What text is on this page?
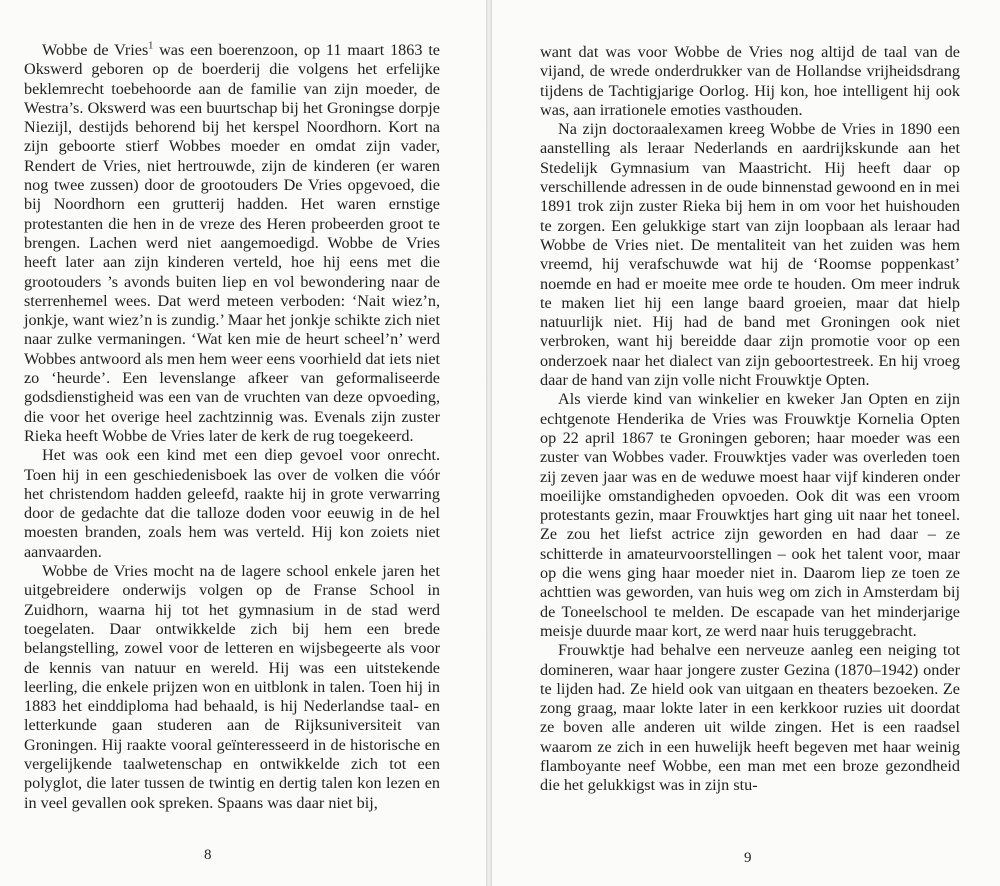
Wobbe de Vries$^1$ was een boerenzoon, op 11 maart 1863 te Okswerd geboren op de boerderij die volgens het erfelijke beklemrecht toebehoorde aan de familie van zijn moeder, de Westra’s. Okswerd was een buurtschap bij het Groningse dorpje Niezijl, destijds behorend bij het kerspel Noordhorn. Kort na zijn geboorte stierf Wobbes moeder en omdat zijn vader, Rendert de Vries, niet hertrouwde, zijn de kinderen (er waren nog twee zussen) door de grootouders De Vries opgevoed, die bij Noordhorn een grutterij hadden. Het waren ernstige protestanten die hen in de vreze des Heren probeerden groot te brengen. Lachen werd niet aangemoedigd. Wobbe de Vries heeft later aan zijn kinderen verteld, hoe hij eens met die grootouders ’s avonds buiten liep en vol bewondering naar de sterrenhemel wees. Dat werd meteen verboden: ‘Nait wiez’n, jonkje, want wiez’n is zundig.’ Maar het jonkje schikte zich niet naar zulke vermaningen. ‘Wat ken mie de heurt scheel’n’ werd Wobbes antwoord als men hem weer eens voorhield dat iets niet zo ‘heurde’. Een levenslange afkeer van geformaliseerde godsdienstigheid was een van de vruchten van deze opvoeding, die voor het overige heel zachtzinnig was. Evenals zijn zuster Rieka heeft Wobbe de Vries later de kerk de rug toegekeerd.

Het was ook een kind met een diep gevoel voor onrecht. Toen hij in een geschiedenisboek las over de volken die vóór het christendom hadden geleefd, raakte hij in grote verwarring door de gedachte dat die talloze doden voor eeuwig in de hel moesten branden, zoals hem was verteld. Hij kon zoiets niet aanvaarden.

Wobbe de Vries mocht na de lagere school enkele jaren het uitgebreidere onderwijs volgen op de Franse School in Zuidhorn, waarna hij tot het gymnasium in de stad werd toegelaten. Daar ontwikkelde zich bij hem een brede belangstelling, zowel voor de letteren en wijsbegeerte als voor de kennis van natuur en wereld. Hij was een uitstekende leerling, die enkele prijzen won en uitblonk in talen. Toen hij in 1883 het einddiploma had behaald, is hij Nederlandse taal- en letterkunde gaan studeren aan de Rijksuniversiteit van Groningen. Hij raakte vooral geïnteresseerd in de historische en vergelijkende taalwetenschap en ontwikkelde zich tot een polyglot, die later tussen de twintig en dertig talen kon lezen en in veel gevallen ook spreken. Spaans was daar niet bij,

8

want dat was voor Wobbe de Vries nog altijd de taal van de vijand, de wrede onderdrukker van de Hollandse vrijheidsdrang tijdens de Tachtigjarige Oorlog. Hij kon, hoe intelligent hij ook was, aan irrationele emoties vasthouden.

Na zijn doctoraalexamen kreeg Wobbe de Vries in 1890 een aanstelling als leraar Nederlands en aardrijkskunde aan het Stedelijk Gymnasium van Maastricht. Hij heeft daar op verschillende adressen in de oude binnenstad gewoond en in mei 1891 trok zijn zuster Rieka bij hem in om voor het huishouden te zorgen. Een gelukkige start van zijn loopbaan als leraar had Wobbe de Vries niet. De mentaliteit van het zuiden was hem vreemd, hij verafschuwde wat hij de ‘Roomse poppenkast’ noemde en had er moeite mee orde te houden. Om meer indruk te maken liet hij een lange baard groeien, maar dat hielp natuurlijk niet. Hij had de band met Groningen ook niet verbroken, want hij bereidde daar zijn promotie voor op een onderzoek naar het dialect van zijn geboortestreek. En hij vroeg daar de hand van zijn volle nicht Frouwktje Opten.

Als vierde kind van winkelier en kweker Jan Opten en zijn echtgenote Henderika de Vries was Frouwktje Kornelia Opten op 22 april 1867 te Groningen geboren; haar moeder was een zuster van Wobbes vader. Frouwktjes vader was overleden toen zij zeven jaar was en de weduwe moest haar vijf kinderen onder moeilijke omstandigheden opvoeden. Ook dit was een vroom protestants gezin, maar Frouwktjes hart ging uit naar het toneel. Ze zou het liefst actrice zijn geworden en had daar – ze schitterde in amateurvoorstellingen – ook het talent voor, maar op die wens ging haar moeder niet in. Daarom liep ze toen ze achttien was geworden, van huis weg om zich in Amsterdam bij de Toneelschool te melden. De escapade van het minderjarige meisje duurde maar kort, ze werd naar huis teruggebracht.

Frouwktje had behalve een nerveuze aanleg een neiging tot domineren, waar haar jongere zuster Gezina (1870–1942) onder te lijden had. Ze hield ook van uitgaan en theaters bezoeken. Ze zong graag, maar lokte later in een kerkkoor ruzies uit doordat ze boven alle anderen uit wilde zingen. Het is een raadsel waarom ze zich in een huwelijk heeft begeven met haar weinig flamboyante neef Wobbe, een man met een broze gezondheid die het gelukkigst was in zijn stu-

9
